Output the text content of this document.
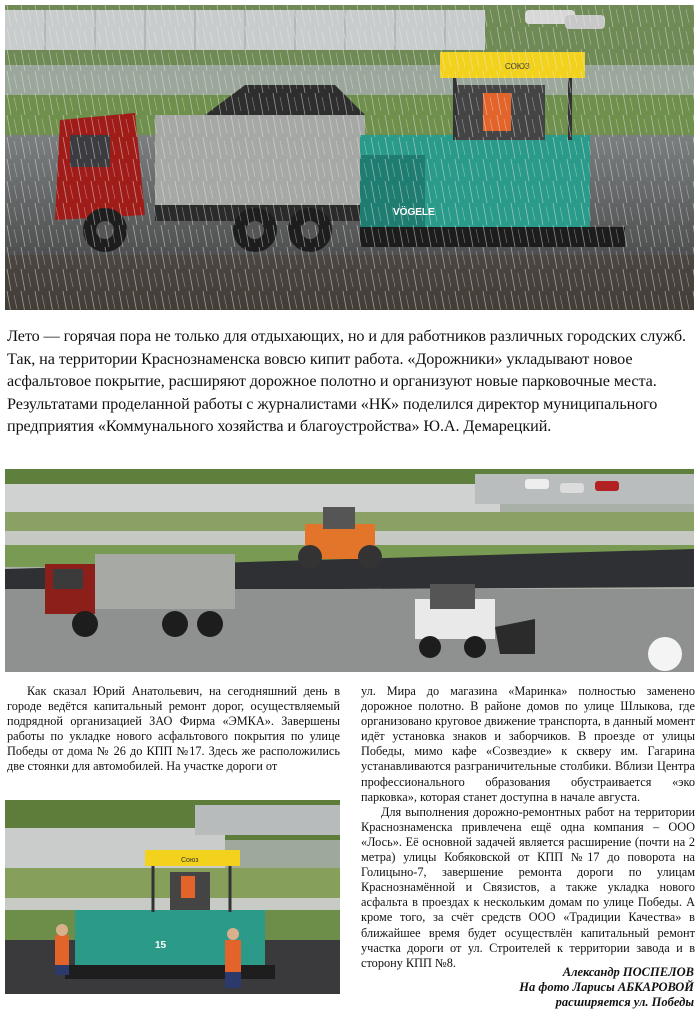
Лето — горячая пора не только для отдыхающих, но и для работников различных городских служб.

Так, на территории Краснознаменска вовсю кипит работа. «Дорожники» укладывают новое

асфальтовое покрытие, расширяют дорожное полотно и организуют новые парковочные места.

Результатами проделанной работы с журналистами «НК» поделился директор муниципального

предприятия «Коммунального хозяйства и благоустройства» Ю.А. Демарецкий.

Как сказал Юрий Анатольевич, на сегодняшний день в городе ведётся капитальный ремонт дорог, осуществляемый подрядной организацией ЗАО Фирма «ЭМКА». Завершены работы по укладке нового асфальтового покрытия по улице Победы от дома № 26 до КПП №17. Здесь же расположились две стоянки для автомобилей. На участке дороги от

15
Союз

ул. Мира до магазина «Маринка» полностью заменено дорожное полотно. В районе домов по улице Шлыкова, где организовано круговое движение транспорта, в данный момент идёт установка знаков и заборчиков. В проезде от улицы Победы, мимо кафе «Созвездие» к скверу им. Гагарина устанавливаются разграничительные столбики. Вблизи Центра профессионального образования обустраивается «эко парковка», которая станет доступна в начале августа.

Для выполнения дорожно-ремонтных работ на территории Краснознаменска привлечена ещё одна компания – ООО «Лось». Её основной задачей является расширение (почти на 2 метра) улицы Кобяковской от КПП №17 до поворота на Голицыно-7, завершение ремонта дороги по улицам Краснознамённой и Связистов, а также укладка нового асфальта в проездах к нескольким домам по улице Победы. А кроме того, за счёт средств ООО «Традиции Качества» в ближайшее время будет осуществлён капитальный ремонт участка дороги от ул. Строителей к территории завода и в сторону КПП №8.

Александр ПОСПЕЛОВ
На фото Ларисы АБКАРОВОЙ
расширяется ул. Победы
